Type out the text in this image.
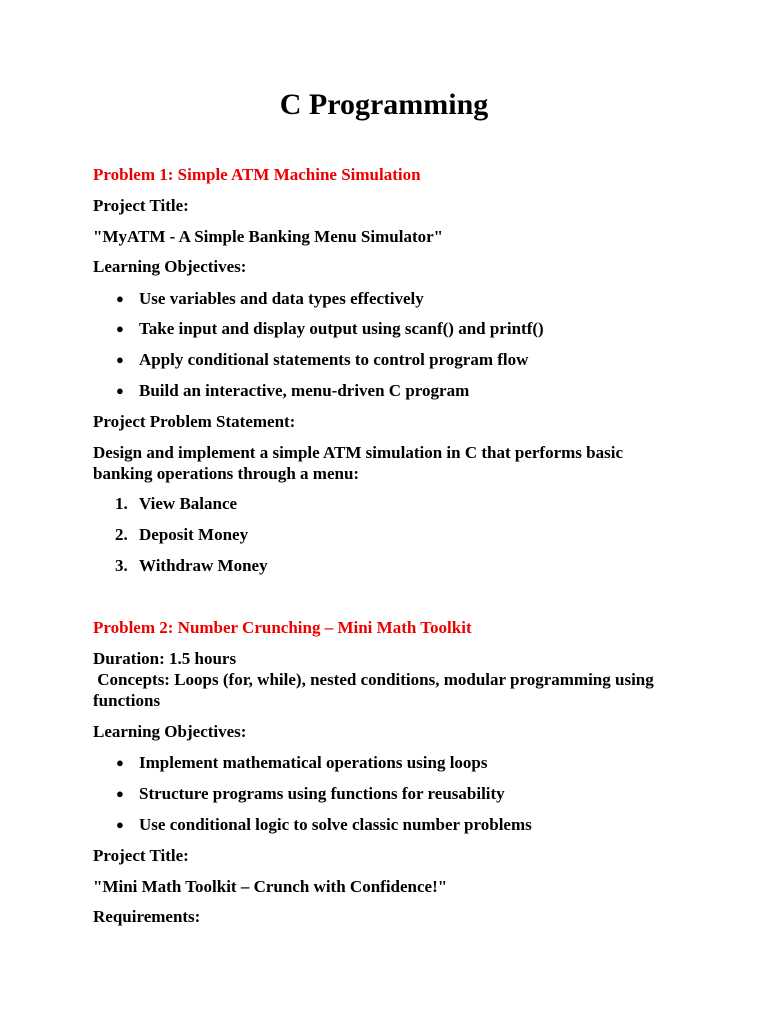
C Programming

Problem 1: Simple ATM Machine Simulation

Project Title:

"MyATM - A Simple Banking Menu Simulator"

Learning Objectives:

● Use variables and data types effectively
● Take input and display output using scanf() and printf()
● Apply conditional statements to control program flow
● Build an interactive, menu-driven C program

Project Problem Statement:

Design and implement a simple ATM simulation in C that performs basic banking operations through a menu:

1. View Balance
2. Deposit Money
3. Withdraw Money

Problem 2: Number Crunching – Mini Math Toolkit

Duration: 1.5 hours

Concepts: Loops (for, while), nested conditions, modular programming using functions

Learning Objectives:

● Implement mathematical operations using loops
● Structure programs using functions for reusability
● Use conditional logic to solve classic number problems

Project Title:

"Mini Math Toolkit – Crunch with Confidence!"

Requirements:
